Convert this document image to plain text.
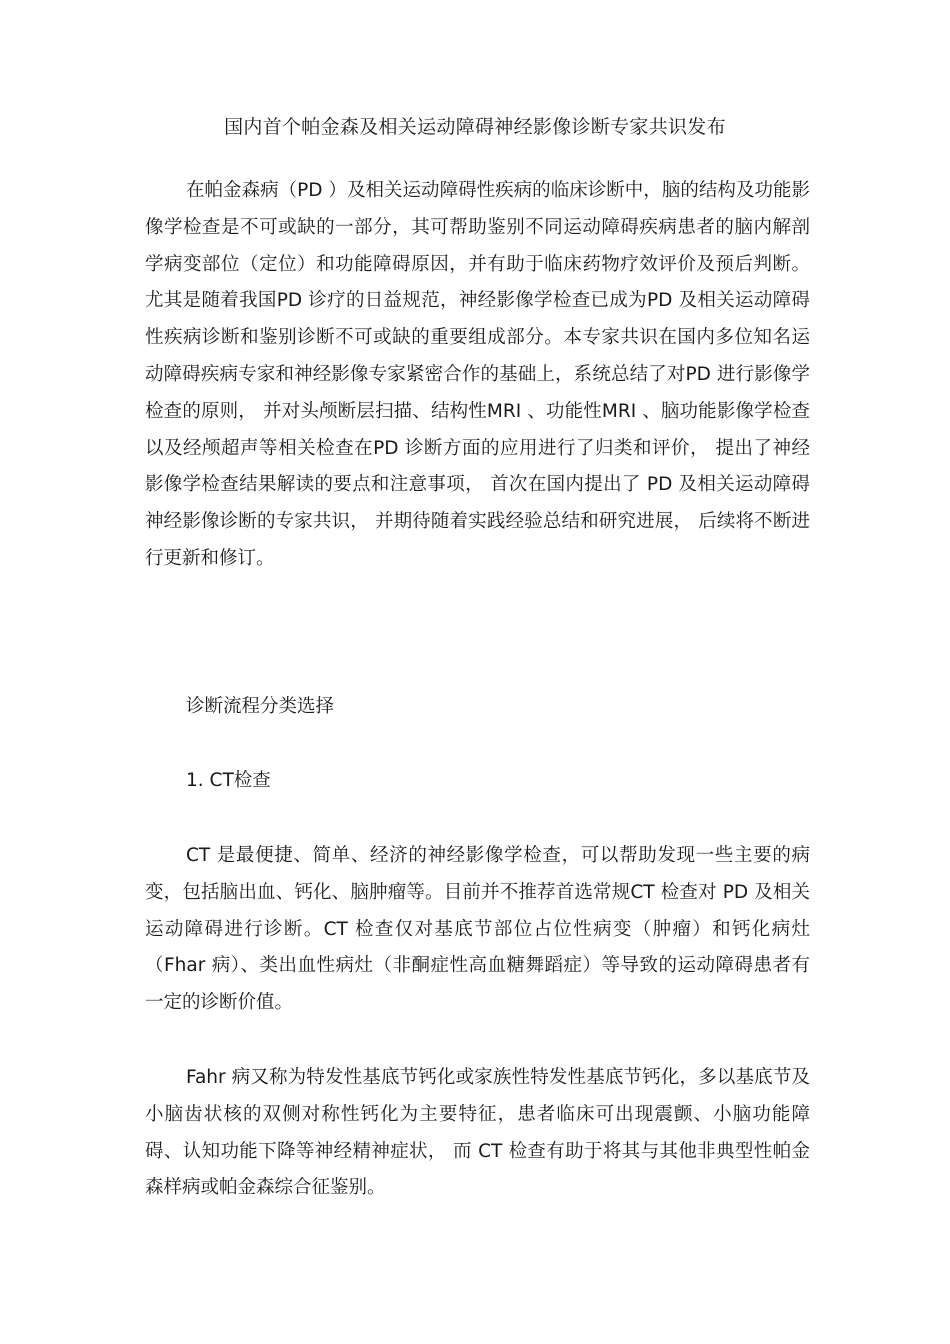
国内首个帕金森及相关运动障碍神经影像诊断专家共识发布

在帕金森病（PD ）及相关运动障碍性疾病的临床诊断中，脑的结构及功能影像学检查是不可或缺的一部分，其可帮助鉴别不同运动障碍疾病患者的脑内解剖学病变部位（定位）和功能障碍原因，并有助于临床药物疗效评价及预后判断。尤其是随着我国PD 诊疗的日益规范，神经影像学检查已成为PD 及相关运动障碍性疾病诊断和鉴别诊断不可或缺的重要组成部分。本专家共识在国内多位知名运动障碍疾病专家和神经影像专家紧密合作的基础上，系统总结了对PD 进行影像学检查的原则， 并对头颅断层扫描、结构性MRI 、功能性MRI 、脑功能影像学检查以及经颅超声等相关检查在PD 诊断方面的应用进行了归类和评价， 提出了神经影像学检查结果解读的要点和注意事项， 首次在国内提出了 PD 及相关运动障碍神经影像诊断的专家共识， 并期待随着实践经验总结和研究进展， 后续将不断进行更新和修订。

诊断流程分类选择

1. CT检查

CT 是最便捷、简单、经济的神经影像学检查，可以帮助发现一些主要的病变，包括脑出血、钙化、脑肿瘤等。目前并不推荐首选常规CT 检查对 PD 及相关运动障碍进行诊断。CT 检查仅对基底节部位占位性病变（肿瘤）和钙化病灶（Fhar 病）、类出血性病灶（非酮症性高血糖舞蹈症）等导致的运动障碍患者有一定的诊断价值。

Fahr 病又称为特发性基底节钙化或家族性特发性基底节钙化，多以基底节及小脑齿状核的双侧对称性钙化为主要特征，患者临床可出现震颤、小脑功能障碍、认知功能下降等神经精神症状， 而 CT 检查有助于将其与其他非典型性帕金森样病或帕金森综合征鉴别。
